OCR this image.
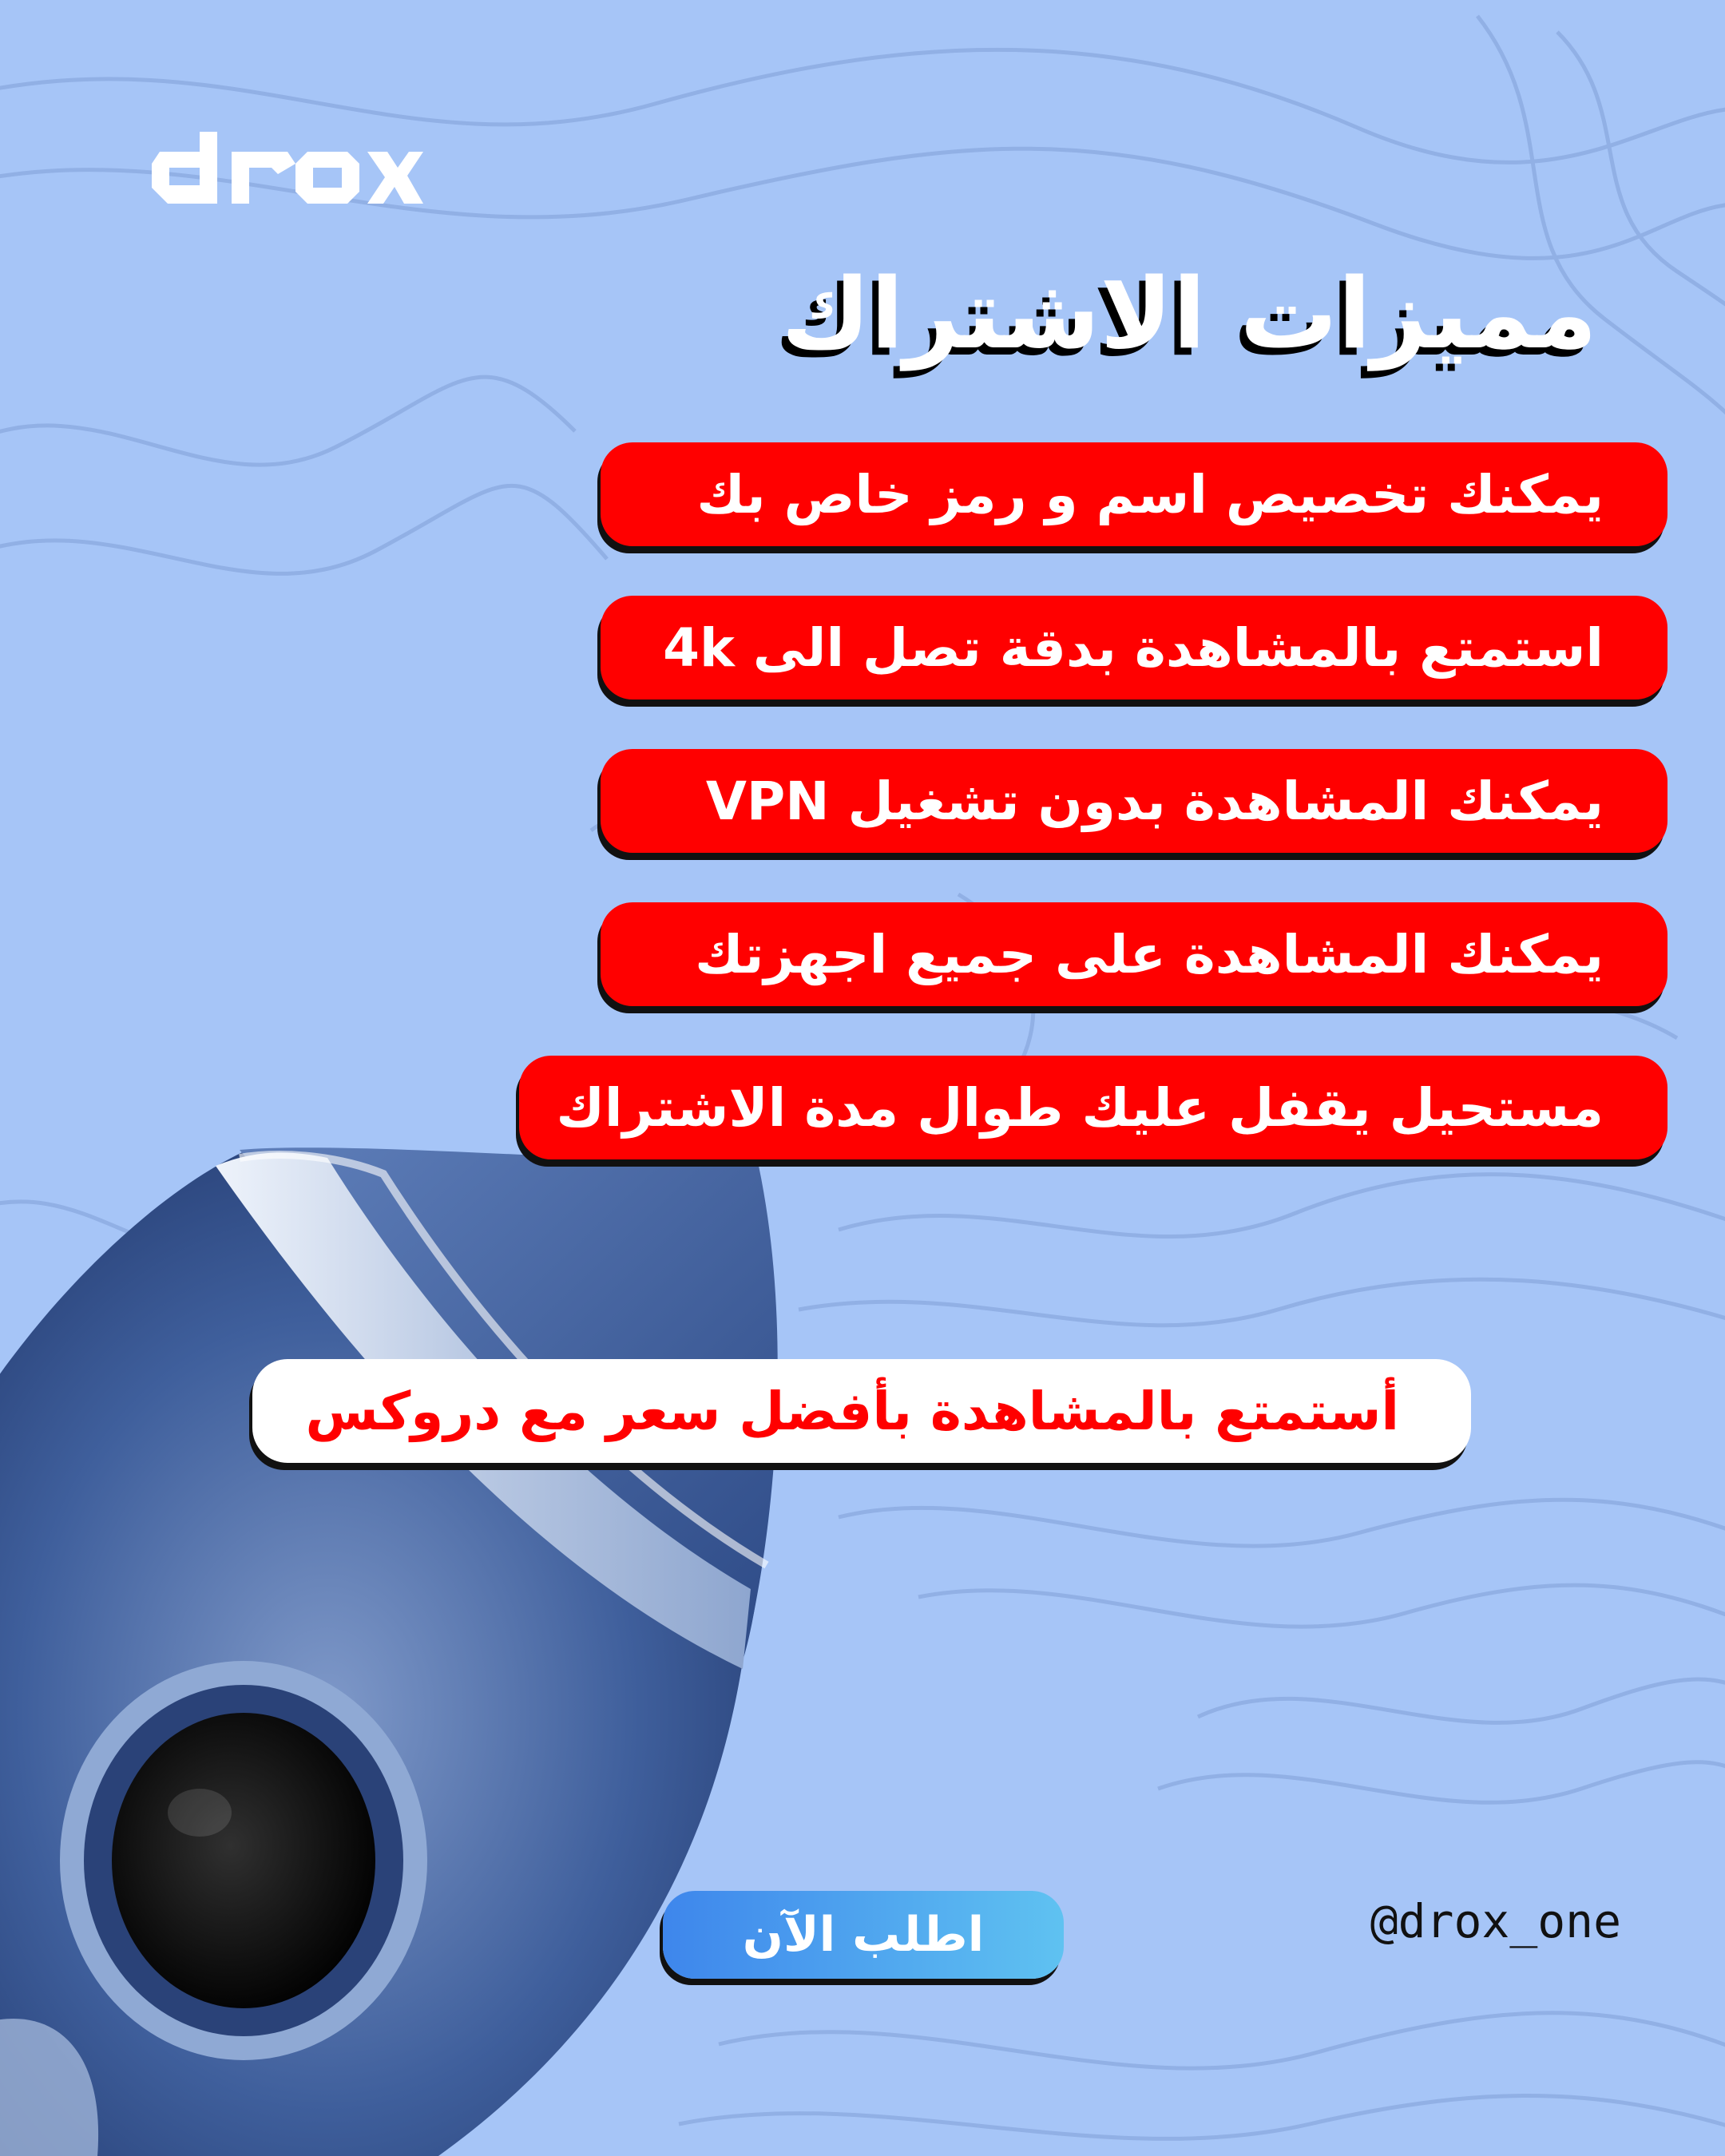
مميزات الاشتراك
يمكنك تخصيص اسم و رمز خاص بك
استمتع بالمشاهدة بدقة تصل الى 4k
يمكنك المشاهدة بدون تشغيل VPN
يمكنك المشاهدة على جميع اجهزتك
مستحيل يقفل عليك طوال مدة الاشتراك
أستمتع بالمشاهدة بأفضل سعر مع دروكس
اطلب الآن	@drox_one
